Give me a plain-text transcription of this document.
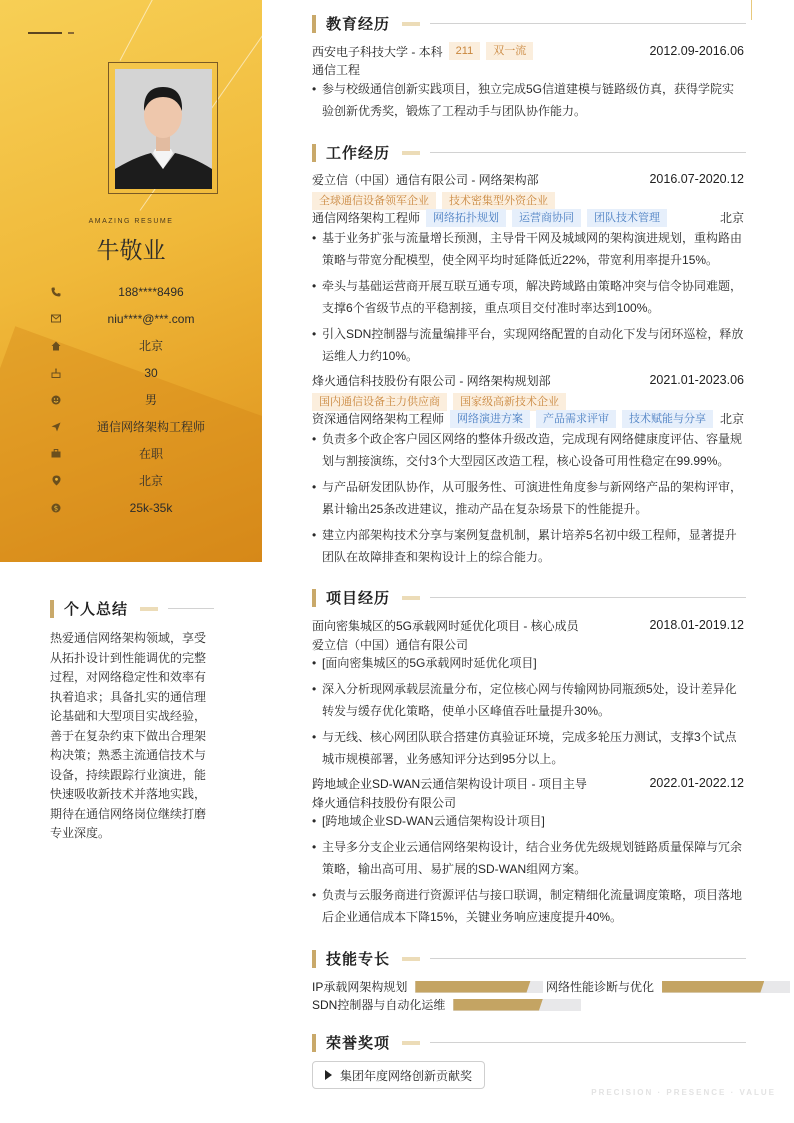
AMAZING RESUME
牛敬业
188****8496
niu****@***.com
北京
30
男
通信网络架构工程师
在职
北京
$	25k-35k
个人总结
热爱通信网络架构领域，享受
从拓扑设计到性能调优的完整
过程，对网络稳定性和效率有
执着追求；具备扎实的通信理
论基础和大型项目实战经验，
善于在复杂约束下做出合理架
构决策；熟悉主流通信技术与
设备，持续跟踪行业演进，能
快速吸收新技术并落地实践，
期待在通信网络岗位继续打磨
专业深度。
教育经历
西安电子科技大学 - 本科	211	双一流	2012.09-2016.06
通信工程
• 参与校级通信创新实践项目，独立完成5G信道建模与链路级仿真，获得学院实验创新优秀奖，锻炼了工程动手与团队协作能力。
工作经历
爱立信（中国）通信有限公司 - 网络架构部	2016.07-2020.12
全球通信设备领军企业	技术密集型外资企业
通信网络架构工程师	网络拓扑规划	运营商协同	团队技术管理	北京
• 基于业务扩张与流量增长预测，主导骨干网及城域网的架构演进规划，重构路由策略与带宽分配模型，使全网平均时延降低近22%，带宽利用率提升15%。
• 牵头与基础运营商开展互联互通专项，解决跨域路由策略冲突与信令协同难题，支撑6个省级节点的平稳割接，重点项目交付准时率达到100%。
• 引入SDN控制器与流量编排平台，实现网络配置的自动化下发与闭环巡检，释放运维人力约10%。
烽火通信科技股份有限公司 - 网络架构规划部	2021.01-2023.06
国内通信设备主力供应商	国家级高新技术企业
资深通信网络架构工程师	网络演进方案	产品需求评审	技术赋能与分享	北京
• 负责多个政企客户园区网络的整体升级改造，完成现有网络健康度评估、容量规划与割接演练，交付3个大型园区改造工程，核心设备可用性稳定在99.99%。
• 与产品研发团队协作，从可服务性、可演进性角度参与新网络产品的架构评审，累计输出25条改进建议，推动产品在复杂场景下的性能提升。
• 建立内部架构技术分享与案例复盘机制，累计培养5名初中级工程师，显著提升团队在故障排查和架构设计上的综合能力。
项目经历
面向密集城区的5G承载网时延优化项目 - 核心成员	2018.01-2019.12
爱立信（中国）通信有限公司
• [面向密集城区的5G承载网时延优化项目]
• 深入分析现网承载层流量分布，定位核心网与传输网协同瓶颈5处，设计差异化转发与缓存优化策略，使单小区峰值吞吐量提升30%。
• 与无线、核心网团队联合搭建仿真验证环境，完成多轮压力测试，支撑3个试点城市规模部署，业务感知评分达到95分以上。
跨地域企业SD-WAN云通信架构设计项目 - 项目主导	2022.01-2022.12
烽火通信科技股份有限公司
• [跨地域企业SD-WAN云通信架构设计项目]
• 主导多分支企业云通信网络架构设计，结合业务优先级规划链路质量保障与冗余策略，输出高可用、易扩展的SD-WAN组网方案。
• 负责与云服务商进行资源评估与接口联调，制定精细化流量调度策略，项目落地后企业通信成本下降15%，关键业务响应速度提升40%。
技能专长
IP承载网架构规划	网络性能诊断与优化
SDN控制器与自动化运维
荣誉奖项
集团年度网络创新贡献奖
PRECISION · PRESENCE · VALUE
